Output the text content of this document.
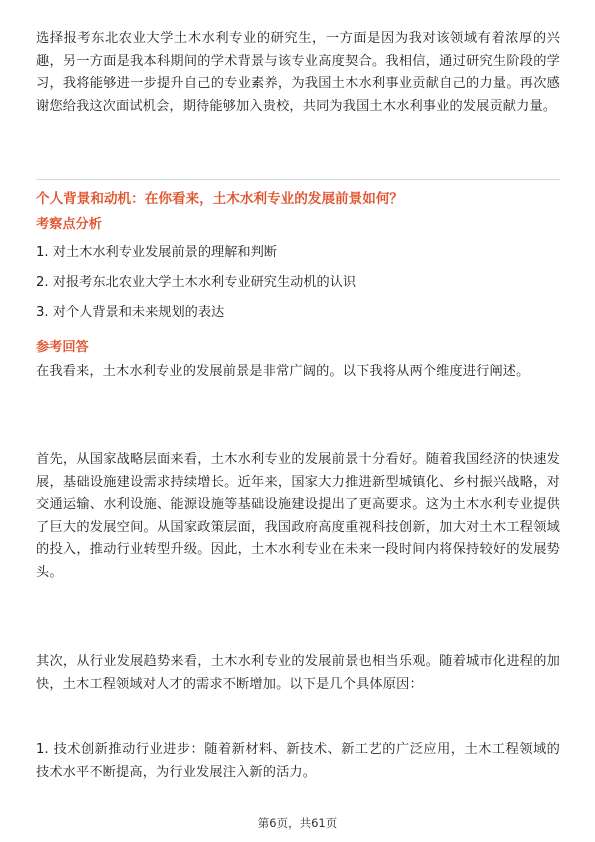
选择报考东北农业大学土木水利专业的研究生，一方面是因为我对该领域有着浓厚的兴趣，另一方面是我本科期间的学术背景与该专业高度契合。我相信，通过研究生阶段的学习，我将能够进一步提升自己的专业素养，为我国土木水利事业贡献自己的力量。再次感谢您给我这次面试机会，期待能够加入贵校，共同为我国土木水利事业的发展贡献力量。

个人背景和动机：在你看来，土木水利专业的发展前景如何？
考察点分析
1. 对土木水利专业发展前景的理解和判断
2. 对报考东北农业大学土木水利专业研究生动机的认识
3. 对个人背景和未来规划的表达
参考回答

在我看来，土木水利专业的发展前景是非常广阔的。以下我将从两个维度进行阐述。

首先，从国家战略层面来看，土木水利专业的发展前景十分看好。随着我国经济的快速发展，基础设施建设需求持续增长。近年来，国家大力推进新型城镇化、乡村振兴战略，对交通运输、水利设施、能源设施等基础设施建设提出了更高要求。这为土木水利专业提供了巨大的发展空间。从国家政策层面，我国政府高度重视科技创新，加大对土木工程领域的投入，推动行业转型升级。因此，土木水利专业在未来一段时间内将保持较好的发展势头。

其次，从行业发展趋势来看，土木水利专业的发展前景也相当乐观。随着城市化进程的加快，土木工程领域对人才的需求不断增加。以下是几个具体原因：

1. 技术创新推动行业进步：随着新材料、新技术、新工艺的广泛应用，土木工程领域的技术水平不断提高，为行业发展注入新的活力。

第6页，共61页
